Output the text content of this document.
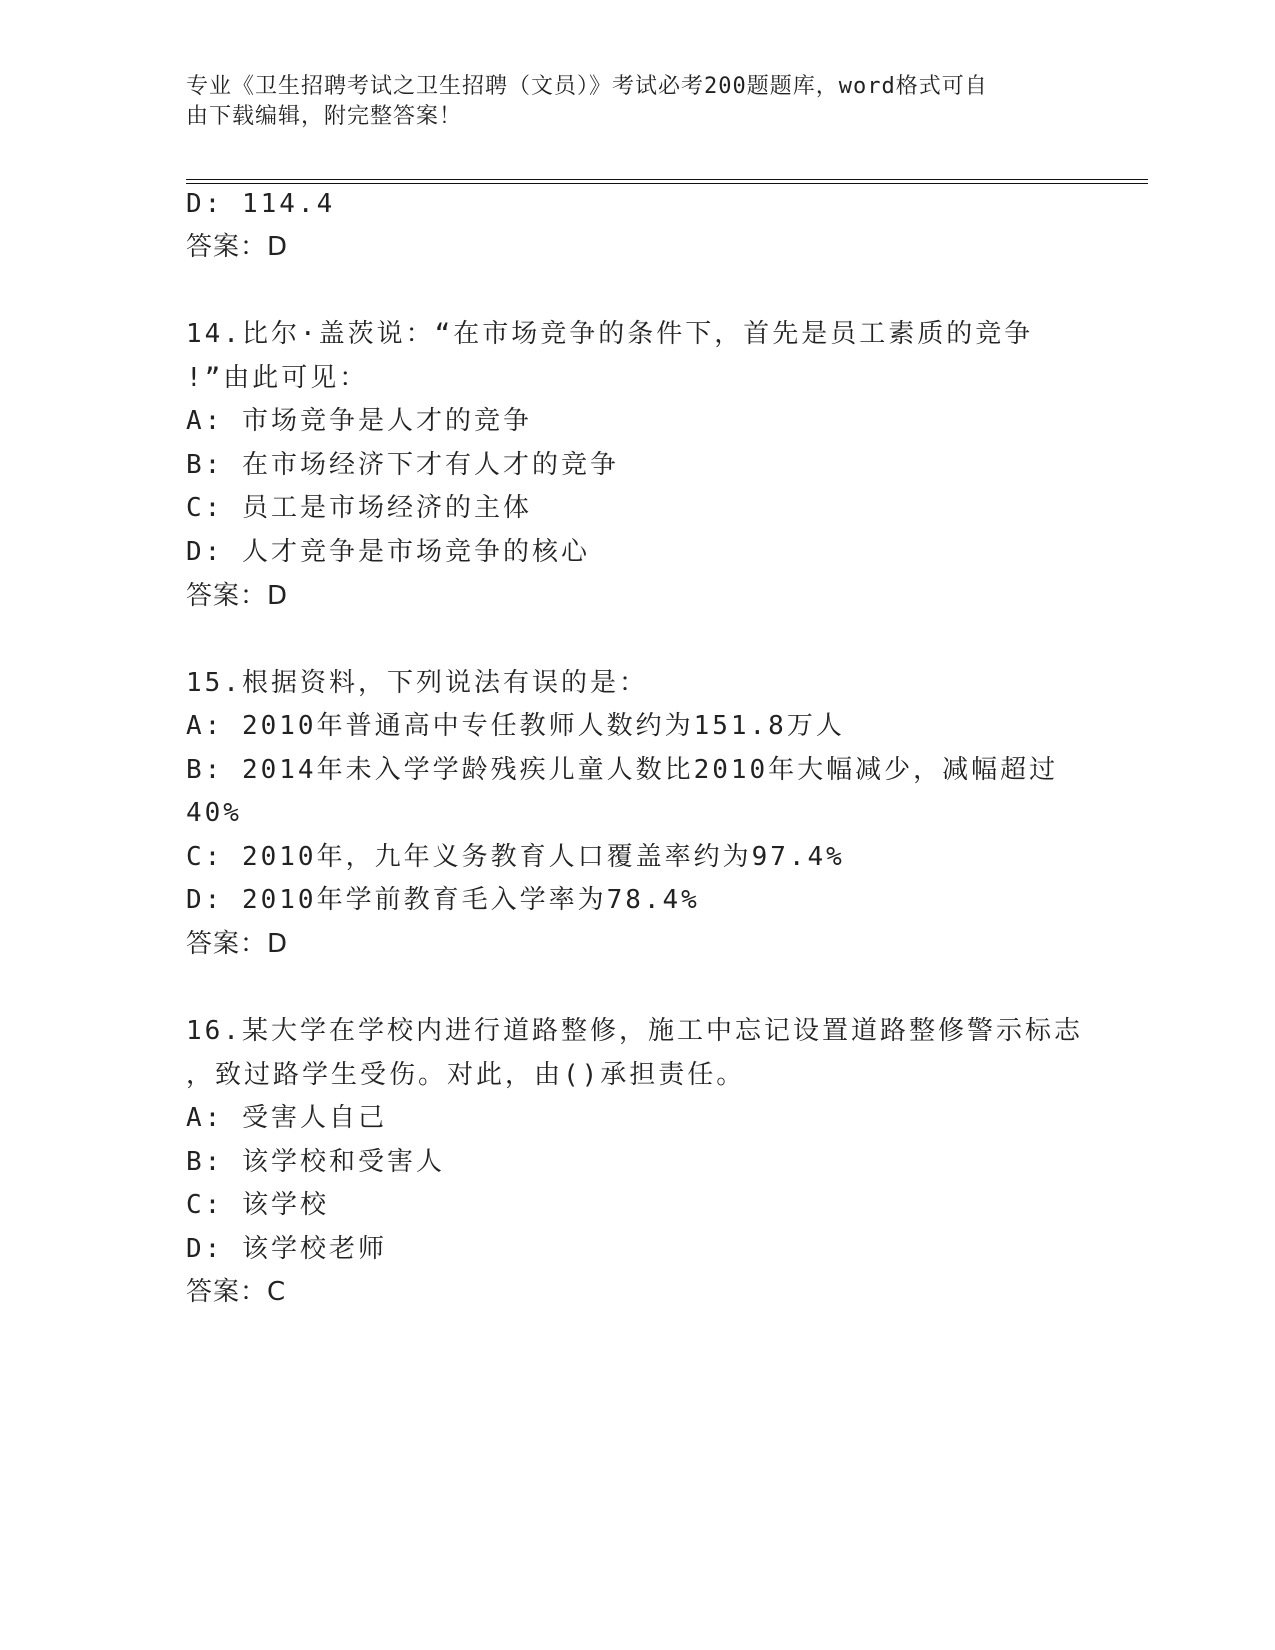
专业《卫生招聘考试之卫生招聘（文员）》考试必考200题题库，word格式可自
由下载编辑，附完整答案！
D: 114.4
答案：D
14.比尔·盖茨说：“在市场竞争的条件下，首先是员工素质的竞争
!”由此可见：
A: 市场竞争是人才的竞争
B: 在市场经济下才有人才的竞争
C: 员工是市场经济的主体
D: 人才竞争是市场竞争的核心
答案：D
15.根据资料，下列说法有误的是：
A: 2010年普通高中专任教师人数约为151.8万人
B: 2014年未入学学龄残疾儿童人数比2010年大幅减少，减幅超过
40%
C: 2010年，九年义务教育人口覆盖率约为97.4%
D: 2010年学前教育毛入学率为78.4%
答案：D
16.某大学在学校内进行道路整修，施工中忘记设置道路整修警示标志
，致过路学生受伤。对此，由()承担责任。
A: 受害人自己
B: 该学校和受害人
C: 该学校
D: 该学校老师
答案：C
